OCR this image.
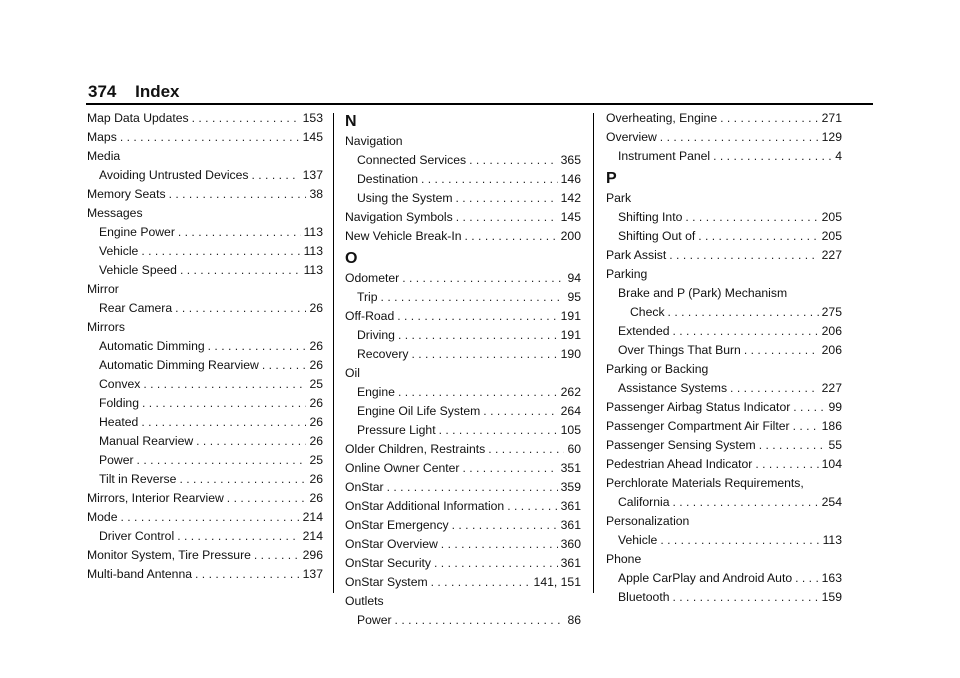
374 Index
Map Data Updates . . .	153
Maps . . .	145
Media
Avoiding Untrusted Devices . . .	137
Memory Seats . . .	38
Messages
Engine Power . . .	113
Vehicle . . .	113
Vehicle Speed . . .	113
Mirror
Rear Camera . . .	26
Mirrors
Automatic Dimming . . .	26
Automatic Dimming Rearview . . .	26
Convex . . .	25
Folding . . .	26
Heated . . .	26
Manual Rearview . . .	26
Power . . .	25
Tilt in Reverse . . .	26
Mirrors, Interior Rearview . . .	26
Mode . . .	214
Driver Control . . .	214
Monitor System, Tire Pressure . . .	296
Multi-band Antenna . . .	137
N
Navigation
Connected Services . . .	365
Destination . . .	146
Using the System . . .	142
Navigation Symbols . . .	145
New Vehicle Break-In . . .	200
O
Odometer . . .	94
Trip . . .	95
Off-Road . . .	191
Driving . . .	191
Recovery . . .	190
Oil
Engine . . .	262
Engine Oil Life System . . .	264
Pressure Light . . .	105
Older Children, Restraints . . .	60
Online Owner Center . . .	351
OnStar . . .	359
OnStar Additional Information . . .	361
OnStar Emergency . . .	361
OnStar Overview . . .	360
OnStar Security . . .	361
OnStar System . . .	141, 151
Outlets
Power . . .	86
Overheating, Engine . . .	271
Overview . . .	129
Instrument Panel . . .	4
P
Park
Shifting Into . . .	205
Shifting Out of . . .	205
Park Assist . . .	227
Parking
Brake and P (Park) Mechanism
Check . . .	275
Extended . . .	206
Over Things That Burn . . .	206
Parking or Backing
Assistance Systems . . .	227
Passenger Airbag Status Indicator . . .	99
Passenger Compartment Air Filter . . .	186
Passenger Sensing System . . .	55
Pedestrian Ahead Indicator . . .	104
Perchlorate Materials Requirements,
California . . .	254
Personalization
Vehicle . . .	113
Phone
Apple CarPlay and Android Auto . . . 163
Bluetooth . . .	159
